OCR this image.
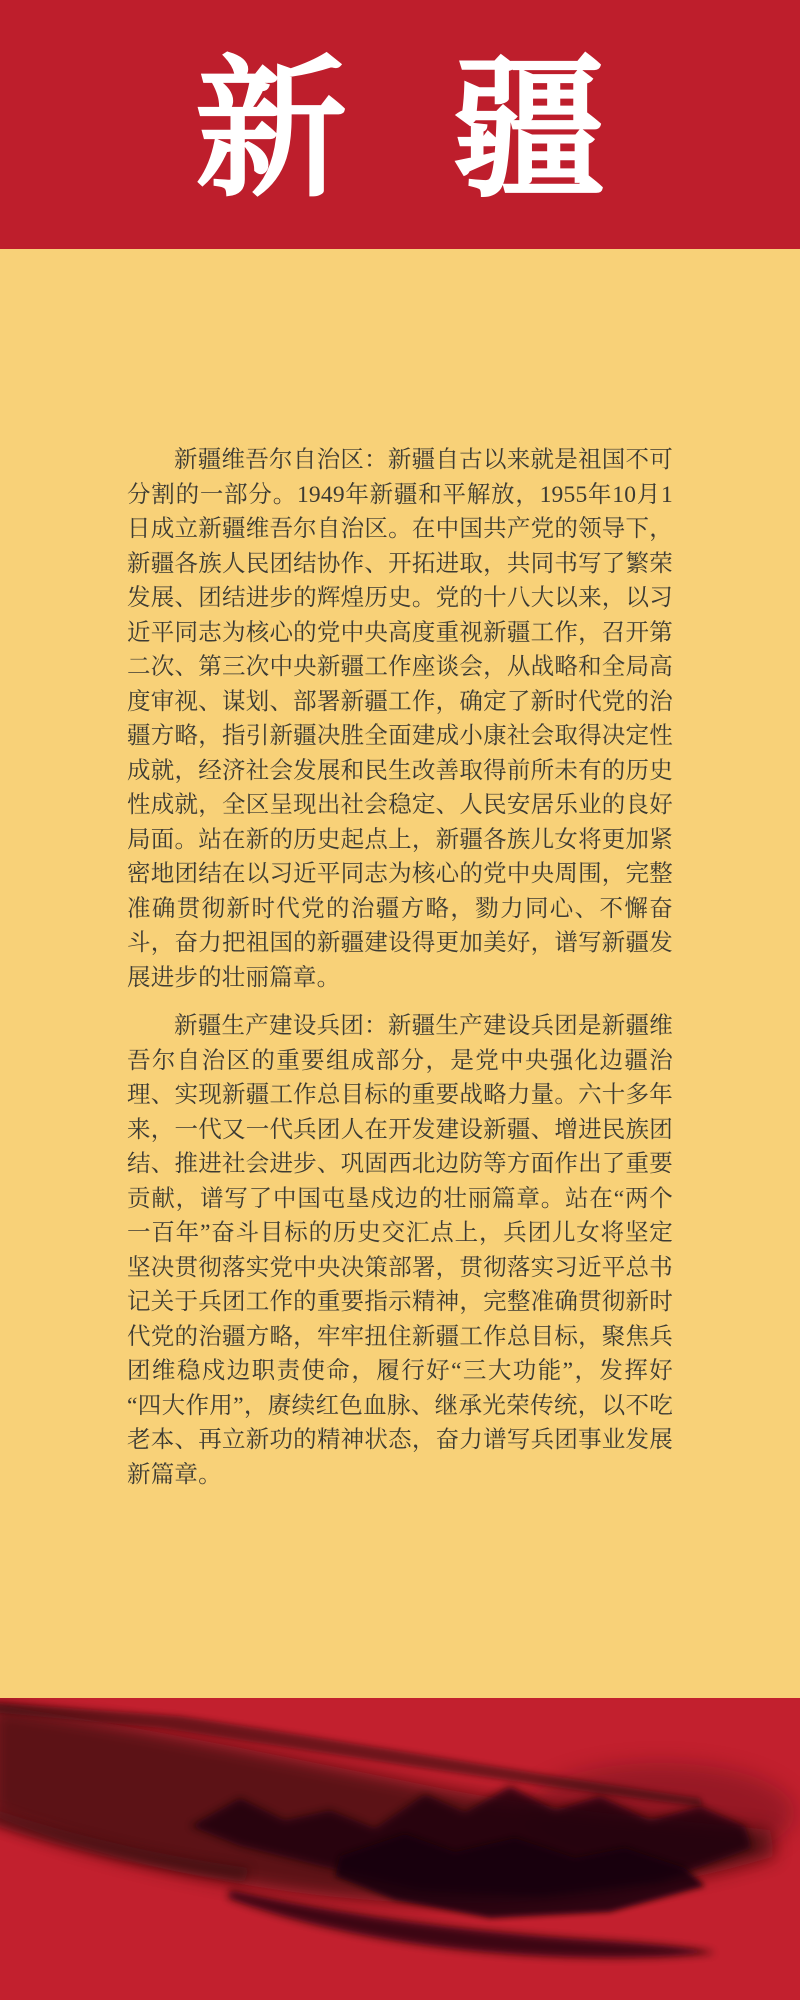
新 疆

新疆维吾尔自治区：新疆自古以来就是祖国不可分割的一部分。1949年新疆和平解放，1955年10月1日成立新疆维吾尔自治区。在中国共产党的领导下，新疆各族人民团结协作、开拓进取，共同书写了繁荣发展、团结进步的辉煌历史。党的十八大以来，以习近平同志为核心的党中央高度重视新疆工作，召开第二次、第三次中央新疆工作座谈会，从战略和全局高度审视、谋划、部署新疆工作，确定了新时代党的治疆方略，指引新疆决胜全面建成小康社会取得决定性成就，经济社会发展和民生改善取得前所未有的历史性成就，全区呈现出社会稳定、人民安居乐业的良好局面。站在新的历史起点上，新疆各族儿女将更加紧密地团结在以习近平同志为核心的党中央周围，完整准确贯彻新时代党的治疆方略，勠力同心、不懈奋斗，奋力把祖国的新疆建设得更加美好，谱写新疆发展进步的壮丽篇章。

新疆生产建设兵团：新疆生产建设兵团是新疆维吾尔自治区的重要组成部分，是党中央强化边疆治理、实现新疆工作总目标的重要战略力量。六十多年来，一代又一代兵团人在开发建设新疆、增进民族团结、推进社会进步、巩固西北边防等方面作出了重要贡献，谱写了中国屯垦戍边的壮丽篇章。站在“两个一百年”奋斗目标的历史交汇点上，兵团儿女将坚定坚决贯彻落实党中央决策部署，贯彻落实习近平总书记关于兵团工作的重要指示精神，完整准确贯彻新时代党的治疆方略，牢牢扭住新疆工作总目标，聚焦兵团维稳戍边职责使命，履行好“三大功能”，发挥好“四大作用”，赓续红色血脉、继承光荣传统，以不吃老本、再立新功的精神状态，奋力谱写兵团事业发展新篇章。
